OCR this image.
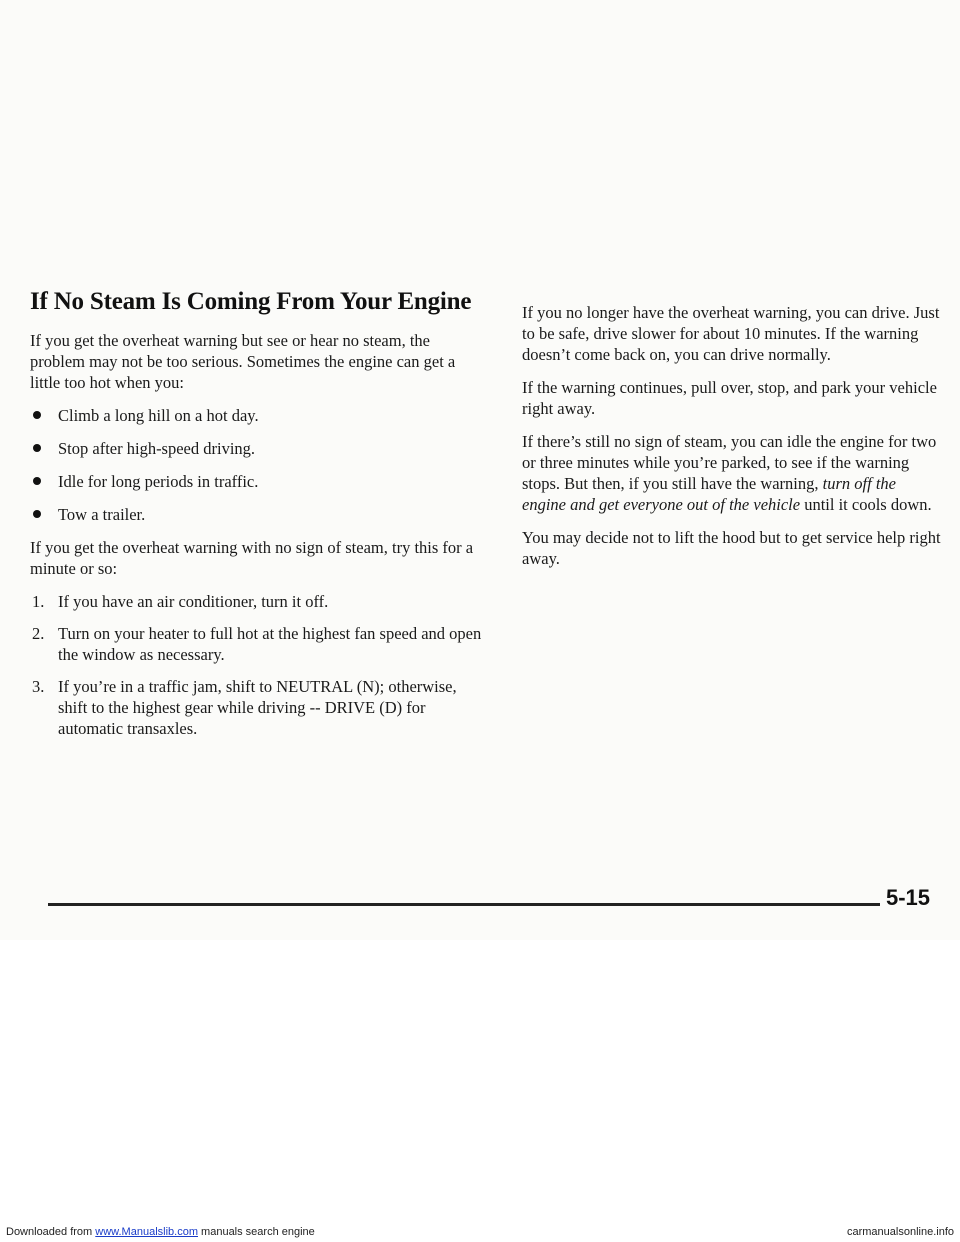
If No Steam Is Coming From Your Engine

If you get the overheat warning but see or hear no steam, the problem may not be too serious. Sometimes the engine can get a little too hot when you:

Climb a long hill on a hot day.
Stop after high-speed driving.
Idle for long periods in traffic.
Tow a trailer.

If you get the overheat warning with no sign of steam, try this for a minute or so:

1. If you have an air conditioner, turn it off.
2. Turn on your heater to full hot at the highest fan speed and open the window as necessary.
3. If you’re in a traffic jam, shift to NEUTRAL (N); otherwise, shift to the highest gear while driving -- DRIVE (D) for automatic transaxles.

If you no longer have the overheat warning, you can drive. Just to be safe, drive slower for about 10 minutes. If the warning doesn’t come back on, you can drive normally.

If the warning continues, pull over, stop, and park your vehicle right away.

If there’s still no sign of steam, you can idle the engine for two or three minutes while you’re parked, to see if the warning stops. But then, if you still have the warning, turn off the engine and get everyone out of the vehicle until it cools down.

You may decide not to lift the hood but to get service help right away.

5-15
Downloaded from www.Manualslib.com manuals search engine	carmanualsonline.info
